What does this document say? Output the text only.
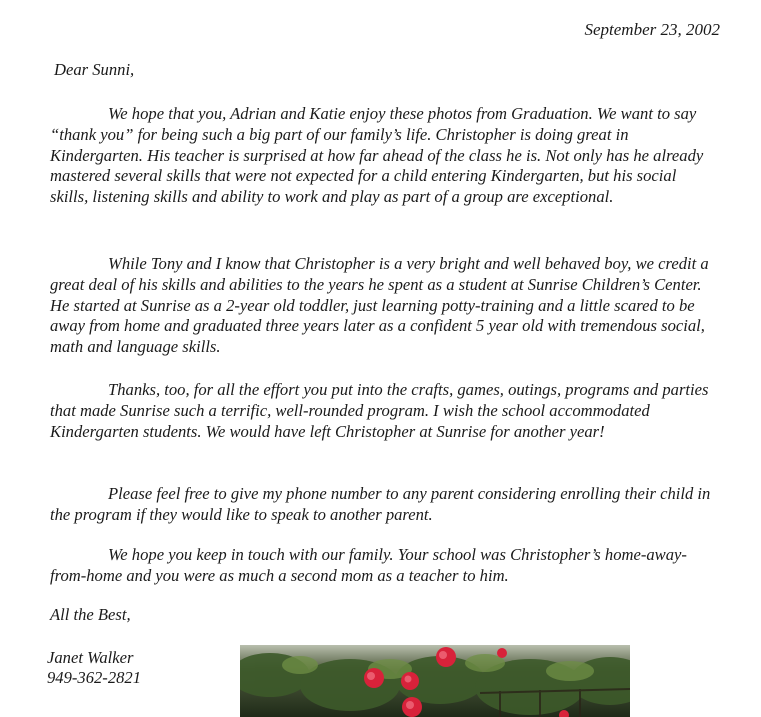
September 23, 2002
Dear Sunni,

We hope that you, Adrian and Katie enjoy these photos from Graduation. We want to say “thank you” for being such a big part of our family’s life. Christopher is doing great in Kindergarten. His teacher is surprised at how far ahead of the class he is. Not only has he already mastered several skills that were not expected for a child entering Kindergarten, but his social skills, listening skills and ability to work and play as part of a group are exceptional.

While Tony and I know that Christopher is a very bright and well behaved boy, we credit a great deal of his skills and abilities to the years he spent as a student at Sunrise Children’s Center. He started at Sunrise as a 2-year old toddler, just learning potty-training and a little scared to be away from home and graduated three years later as a confident 5 year old with tremendous social, math and language skills.

Thanks, too, for all the effort you put into the crafts, games, outings, programs and parties that made Sunrise such a terrific, well-rounded program. I wish the school accommodated Kindergarten students. We would have left Christopher at Sunrise for another year!

Please feel free to give my phone number to any parent considering enrolling their child in the program if they would like to speak to another parent.

We hope you keep in touch with our family. Your school was Christopher’s home-away-from-home and you were as much a second mom as a teacher to him.

All the Best,
Janet Walker
949-362-2821
